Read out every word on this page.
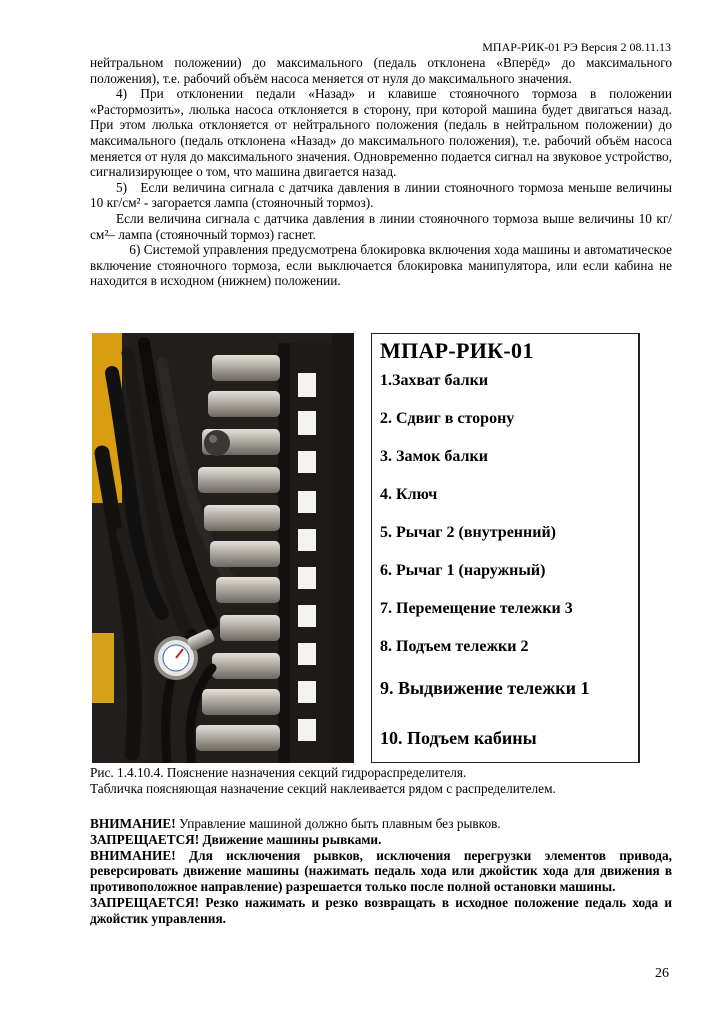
МПАР-РИК-01 РЭ Версия 2 08.11.13

нейтральном положении) до максимального (педаль отклонена «Вперёд» до максимального положения), т.е. рабочий объём насоса меняется от нуля до максимального значения.

4) При отклонении педали «Назад» и клавише стояночного тормоза в положении «Растормозить», люлька насоса отклоняется в сторону, при которой машина будет двигаться назад. При этом люлька отклоняется от нейтрального положения (педаль в нейтральном положении) до максимального (педаль отклонена «Назад» до максимального положения), т.е. рабочий объём насоса меняется от нуля до максимального значения. Одновременно подается сигнал на звуковое устройство, сигнализирующее о том, что машина двигается назад.

5) Если величина сигнала с датчика давления в линии стояночного тормоза меньше величины 10 кг/см² - загорается лампа (стояночный тормоз).

Если величина сигнала с датчика давления в линии стояночного тормоза выше величины 10 кг/см²– лампа (стояночный тормоз) гаснет.

 6) Системой управления предусмотрена блокировка включения хода машины и автоматическое включение стояночного тормоза, если выключается блокировка манипулятора, или если кабина не находится в исходном (нижнем) положении.

МПАР-РИК-01
1.Захват балки
2. Сдвиг в сторону
3. Замок балки
4. Ключ
5. Рычаг 2 (внутренний)
6. Рычаг 1 (наружный)
7. Перемещение тележки 3
8. Подъем тележки 2
9. Выдвижение тележки 1
10. Подъем кабины
Рис. 1.4.10.4. Пояснение назначения секций гидрораспределителя.
Табличка поясняющая назначение секций наклеивается рядом с распределителем.

ВНИМАНИЕ! Управление машиной должно быть плавным без рывков.

ЗАПРЕЩАЕТСЯ! Движение машины рывками.

ВНИМАНИЕ! Для исключения рывков, исключения перегрузки элементов привода, реверсировать движение машины (нажимать педаль хода или джойстик хода для движения в противоположное направление) разрешается только после полной остановки машины.

ЗАПРЕЩАЕТСЯ! Резко нажимать и резко возвращать в исходное положение педаль хода и джойстик управления.

26
